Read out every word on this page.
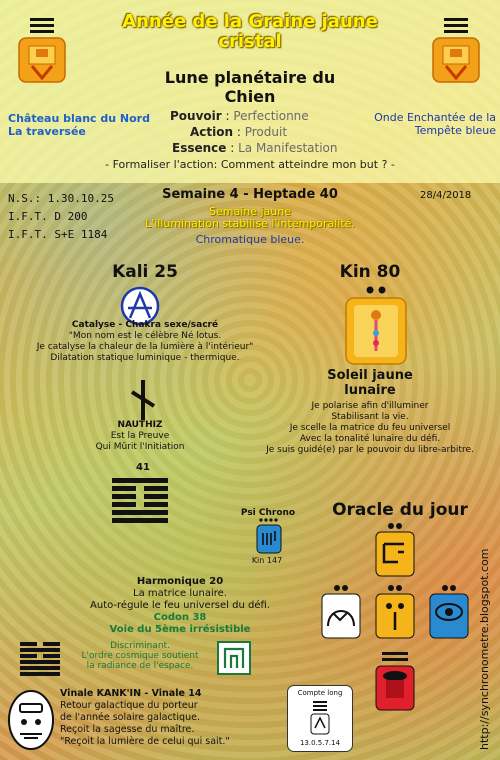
Année de la Graine jaune cristal
Lune planétaire du Chien
Château blanc du Nord
La traversée
Onde Enchantée de la Tempête bleue
Pouvoir : Perfectionne
Action : Produit
Essence : La Manifestation
- Formaliser l'action: Comment atteindre mon but ? -
N.S.: 1.30.10.25
I.F.T. D 200
I.F.T. S+E 1184
Semaine 4 - Heptade 40	28/4/2018
Semaine jaune
L'illumination stabilise l'intemporalité.
Chromatique bleue.
Kali 25
Catalyse - Chakra sexe/sacré
"Mon nom est le célèbre Né lotus.
Je catalyse la chaleur de la lumière à l'intérieur"
Dilatation statique luminique - thermique.
Kin 80
Soleil jaune
lunaire
Je polarise afin d'illuminer
Stabilisant la vie.
Je scelle la matrice du feu universel
Avec la tonalité lunaire du défi.
Je suis guidé(e) par le pouvoir du libre-arbitre.
NAUTHIZ
Est la Preuve
Qui Mûrit l'Initiation
41
Psi Chrono
Kin 147
Oracle du jour
Harmonique 20
La matrice lunaire.
Auto-régule le feu universel du défi.
Codon 38
Voie du 5ème irrésistible
Discriminant.
L'ordre cosmique soutient
la radiance de l'espace.
Vinale KANK'IN - Vinale 14
Retour galactique du porteur
de l'année solaire galactique.
Reçoit la sagesse du maître.
"Reçoit la lumière de celui qui sait."
Compte long
13.0.5.7.14	http://synchronometre.blogspot.com
